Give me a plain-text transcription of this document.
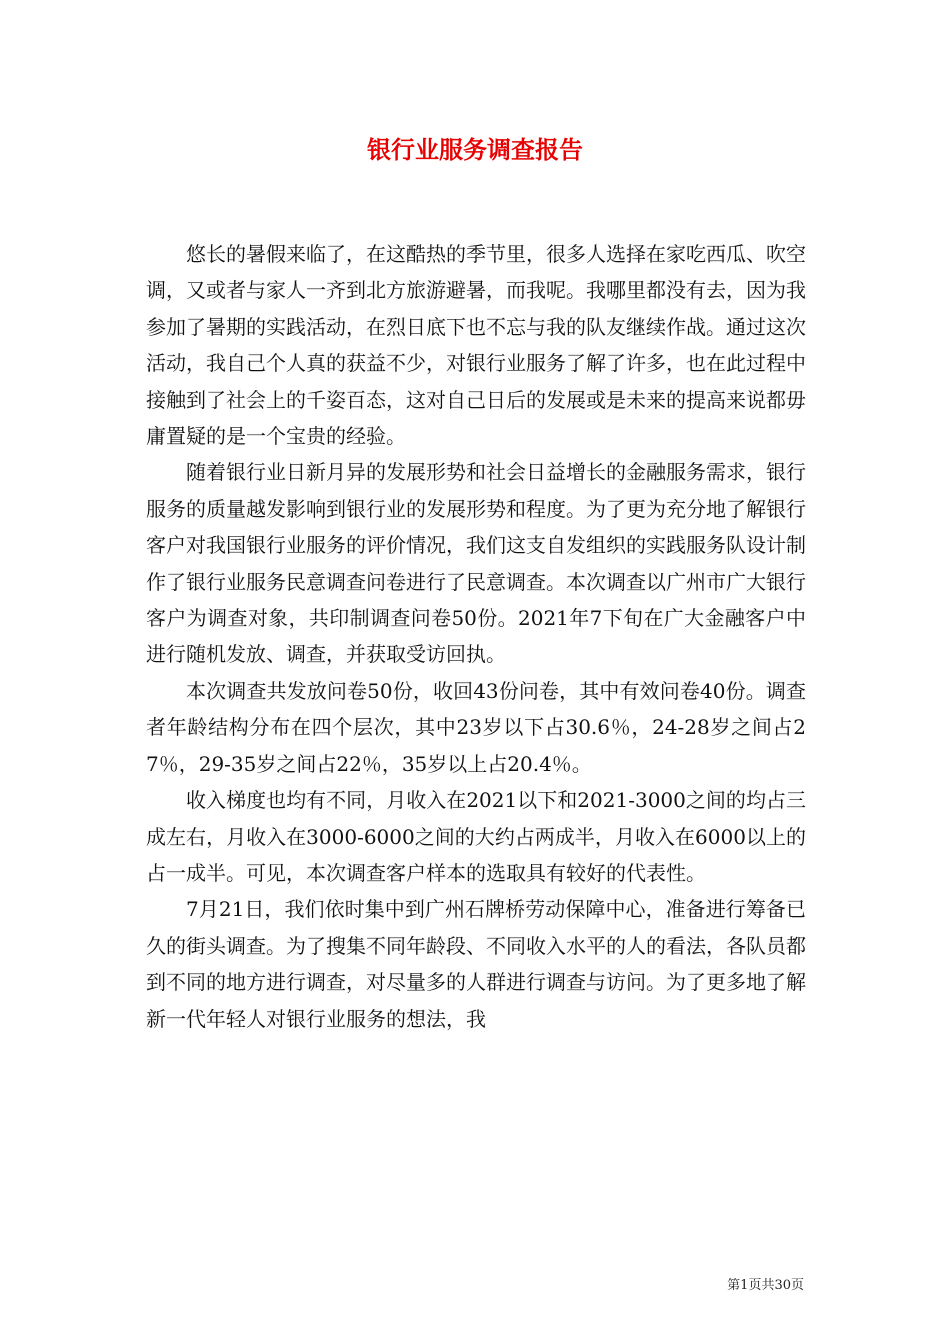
银行业服务调查报告

悠长的暑假来临了，在这酷热的季节里，很多人选择在家吃西瓜、吹空调，又或者与家人一齐到北方旅游避暑，而我呢。我哪里都没有去，因为我参加了暑期的实践活动，在烈日底下也不忘与我的队友继续作战。通过这次活动，我自己个人真的获益不少，对银行业服务了解了许多，也在此过程中接触到了社会上的千姿百态，这对自己日后的发展或是未来的提高来说都毋庸置疑的是一个宝贵的经验。

随着银行业日新月异的发展形势和社会日益增长的金融服务需求，银行服务的质量越发影响到银行业的发展形势和程度。为了更为充分地了解银行客户对我国银行业服务的评价情况，我们这支自发组织的实践服务队设计制作了银行业服务民意调查问卷进行了民意调查。本次调查以广州市广大银行客户为调查对象，共印制调查问卷50份。2021年7下旬在广大金融客户中进行随机发放、调查，并获取受访回执。

本次调查共发放问卷50份，收回43份问卷，其中有效问卷40份。调查者年龄结构分布在四个层次，其中23岁以下占30.6％，24-28岁之间占27％，29-35岁之间占22％，35岁以上占20.4％。

收入梯度也均有不同，月收入在2021以下和2021-3000之间的均占三成左右，月收入在3000-6000之间的大约占两成半，月收入在6000以上的占一成半。可见，本次调查客户样本的选取具有较好的代表性。

7月21日，我们依时集中到广州石牌桥劳动保障中心，准备进行筹备已久的街头调查。为了搜集不同年龄段、不同收入水平的人的看法，各队员都到不同的地方进行调查，对尽量多的人群进行调查与访问。为了更多地了解新一代年轻人对银行业服务的想法，我

第1页共30页
